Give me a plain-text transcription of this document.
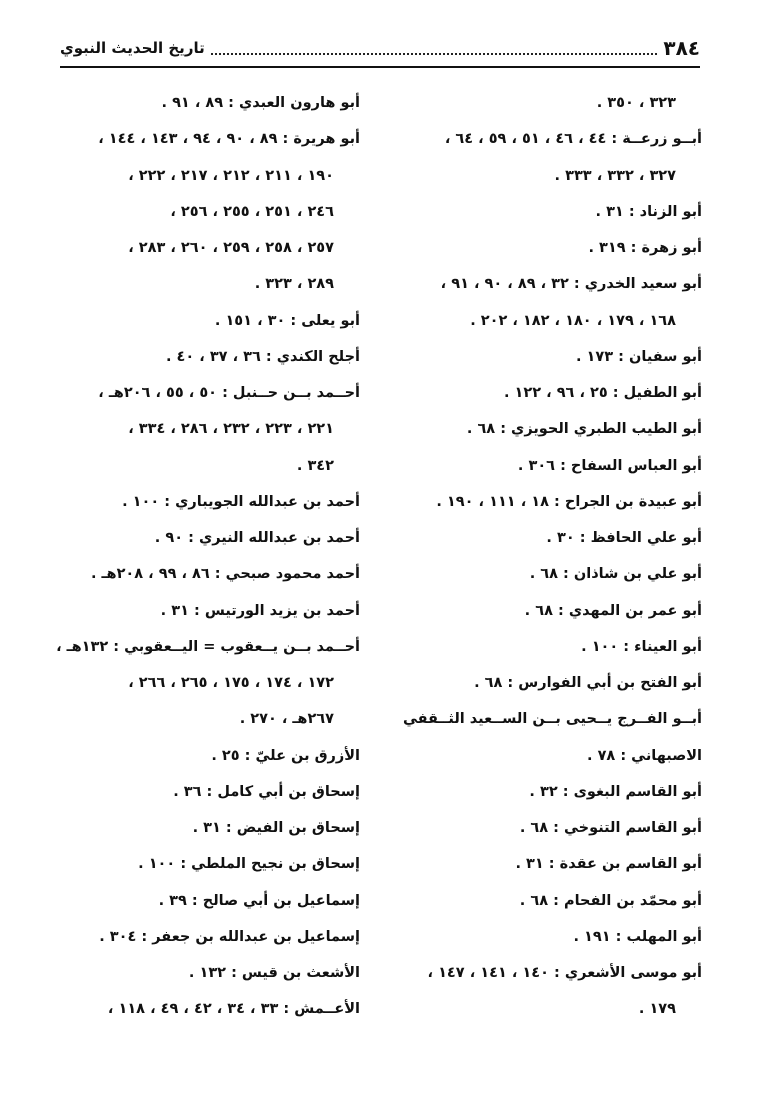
٣٨٤
تاريخ الحديث النبوي
٣٢٣ ، ٣٥٠ .
أبــو زرعــة : ٤٤ ، ٤٦ ، ٥١ ، ٥٩ ، ٦٤ ،
٣٢٧ ، ٣٣٢ ، ٣٣٣ .
أبو الزناد : ٣١ .
أبو زهرة : ٣١٩ .
أبو سعيد الخدري : ٣٢ ، ٨٩ ، ٩٠ ، ٩١ ،
١٦٨ ، ١٧٩ ، ١٨٠ ، ١٨٢ ، ٢٠٢ .
أبو سفيان : ١٧٣ .
أبو الطفيل : ٢٥ ، ٩٦ ، ١٢٢ .
أبو الطيب الطبري الحويزي : ٦٨ .
أبو العباس السفاح : ٣٠٦ .
أبو عبيدة بن الجراح : ١٨ ، ١١١ ، ١٩٠ .
أبو علي الحافظ : ٣٠ .
أبو علي بن شاذان : ٦٨ .
أبو عمر بن المهدي : ٦٨ .
أبو العيناء : ١٠٠ .
أبو الفتح بن أبي الفوارس : ٦٨ .
أبــو الفــرج يــحيى بــن الســعيد الثــقفي
الاصبهاني : ٧٨ .
أبو القاسم البغوى : ٣٢ .
أبو القاسم التنوخي : ٦٨ .
أبو القاسم بن عقدة : ٣١ .
أبو محمّد بن الفحام : ٦٨ .
أبو المهلب : ١٩١ .
أبو موسى الأشعري : ١٤٠ ، ١٤١ ، ١٤٧ ،
١٧٩ .
أبو هارون العبدي : ٨٩ ، ٩١ .
أبو هريرة : ٨٩ ، ٩٠ ، ٩٤ ، ١٤٣ ، ١٤٤ ،
١٩٠ ، ٢١١ ، ٢١٢ ، ٢١٧ ، ٢٢٢ ،
٢٤٦ ، ٢٥١ ، ٢٥٥ ، ٢٥٦ ،
٢٥٧ ، ٢٥٨ ، ٢٥٩ ، ٢٦٠ ، ٢٨٣ ،
٢٨٩ ، ٣٢٣ .
أبو يعلى : ٣٠ ، ١٥١ .
أجلح الكندي : ٣٦ ، ٣٧ ، ٤٠ .
أحــمد بــن حــنبل : ٥٠ ، ٥٥ ، ٢٠٦هـ ،
٢٢١ ، ٢٢٣ ، ٢٣٢ ، ٢٨٦ ، ٣٣٤ ،
٣٤٢ .
أحمد بن عبدالله الجويباري : ١٠٠ .
أحمد بن عبدالله النيري : ٩٠ .
أحمد محمود صبحي : ٨٦ ، ٩٩ ، ٢٠٨هـ .
أحمد بن يزيد الورتيس : ٣١ .
أحــمد بــن يــعقوب = اليــعقوبي : ١٣٢هـ ،
١٧٢ ، ١٧٤ ، ١٧٥ ، ٢٦٥ ، ٢٦٦ ،
٢٦٧هـ ، ٢٧٠ .
الأزرق بن عليّ : ٢٥ .
إسحاق بن أبي كامل : ٣٦ .
إسحاق بن الفيض : ٣١ .
إسحاق بن نجيح الملطي : ١٠٠ .
إسماعيل بن أبي صالح : ٣٩ .
إسماعيل بن عبدالله بن جعفر : ٣٠٤ .
الأشعث بن قيس : ١٣٢ .
الأعــمش : ٣٣ ، ٣٤ ، ٤٢ ، ٤٩ ، ١١٨ ،
